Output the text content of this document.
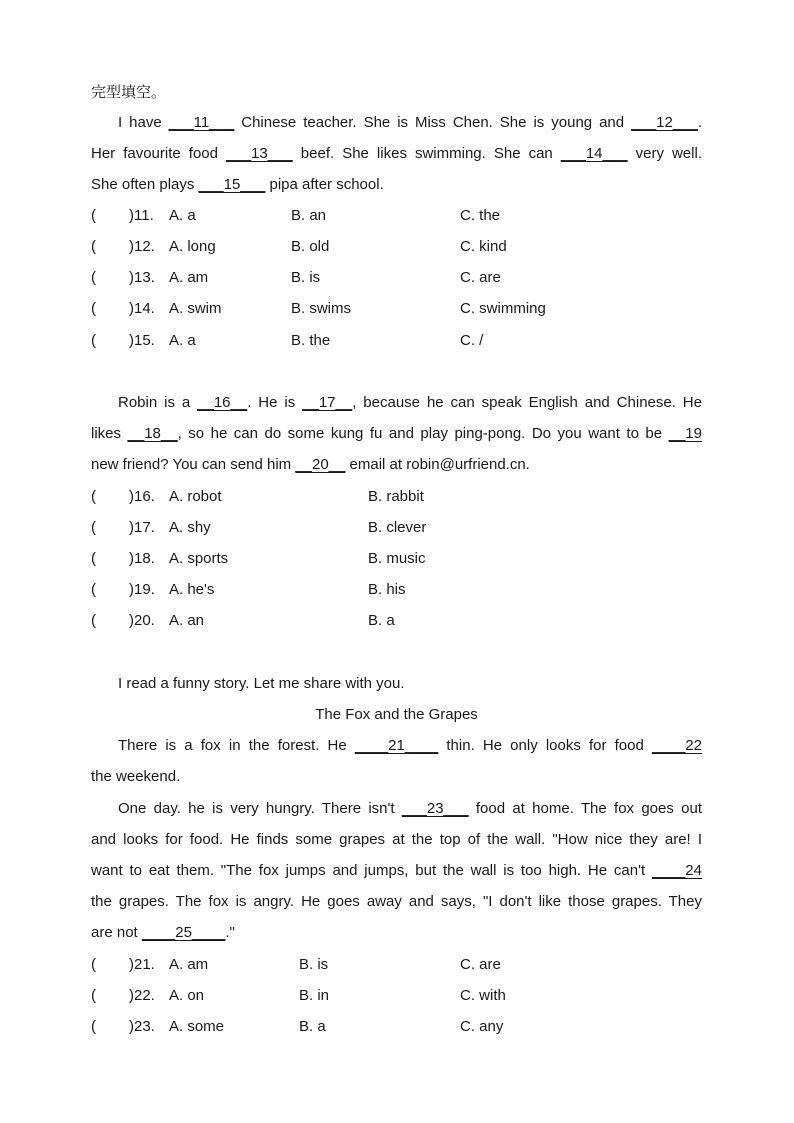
完型填空。
I have ___11___ Chinese teacher. She is Miss Chen. She is young and ___12___.
Her favourite food ___13___ beef. She likes swimming. She can ___14___ very well.
She often plays ___15___ pipa after school.
( )11. A. a	B. an	C. the
( )12. A. long	B. old	C. kind
( )13. A. am	B. is	C. are
( )14. A. swim	B. swims	C. swimming
( )15. A. a	B. the	C. /
Robin is a __16__. He is __17__, because he can speak English and Chinese. He
likes __18__, so he can do some kung fu and play ping-pong. Do you want to be __19
new friend? You can send him __20__ email at robin@urfriend.cn.
( )16. A. robot	B. rabbit
( )17. A. shy	B. clever
( )18. A. sports	B. music
( )19. A. he's	B. his
( )20. A. an	B. a
I read a funny story. Let me share with you.
The Fox and the Grapes
There is a fox in the forest. He ____21____ thin. He only looks for food ____22
the weekend.
One day. he is very hungry. There isn't ___23___ food at home. The fox goes out
and looks for food. He finds some grapes at the top of the wall. "How nice they are! I
want to eat them. "The fox jumps and jumps, but the wall is too high. He can't ____24
the grapes. The fox is angry. He goes away and says, "I don't like those grapes. They
are not ____25____."
( )21. A. am	B. is	C. are
( )22. A. on	B. in	C. with
( )23. A. some	B. a	C. any
